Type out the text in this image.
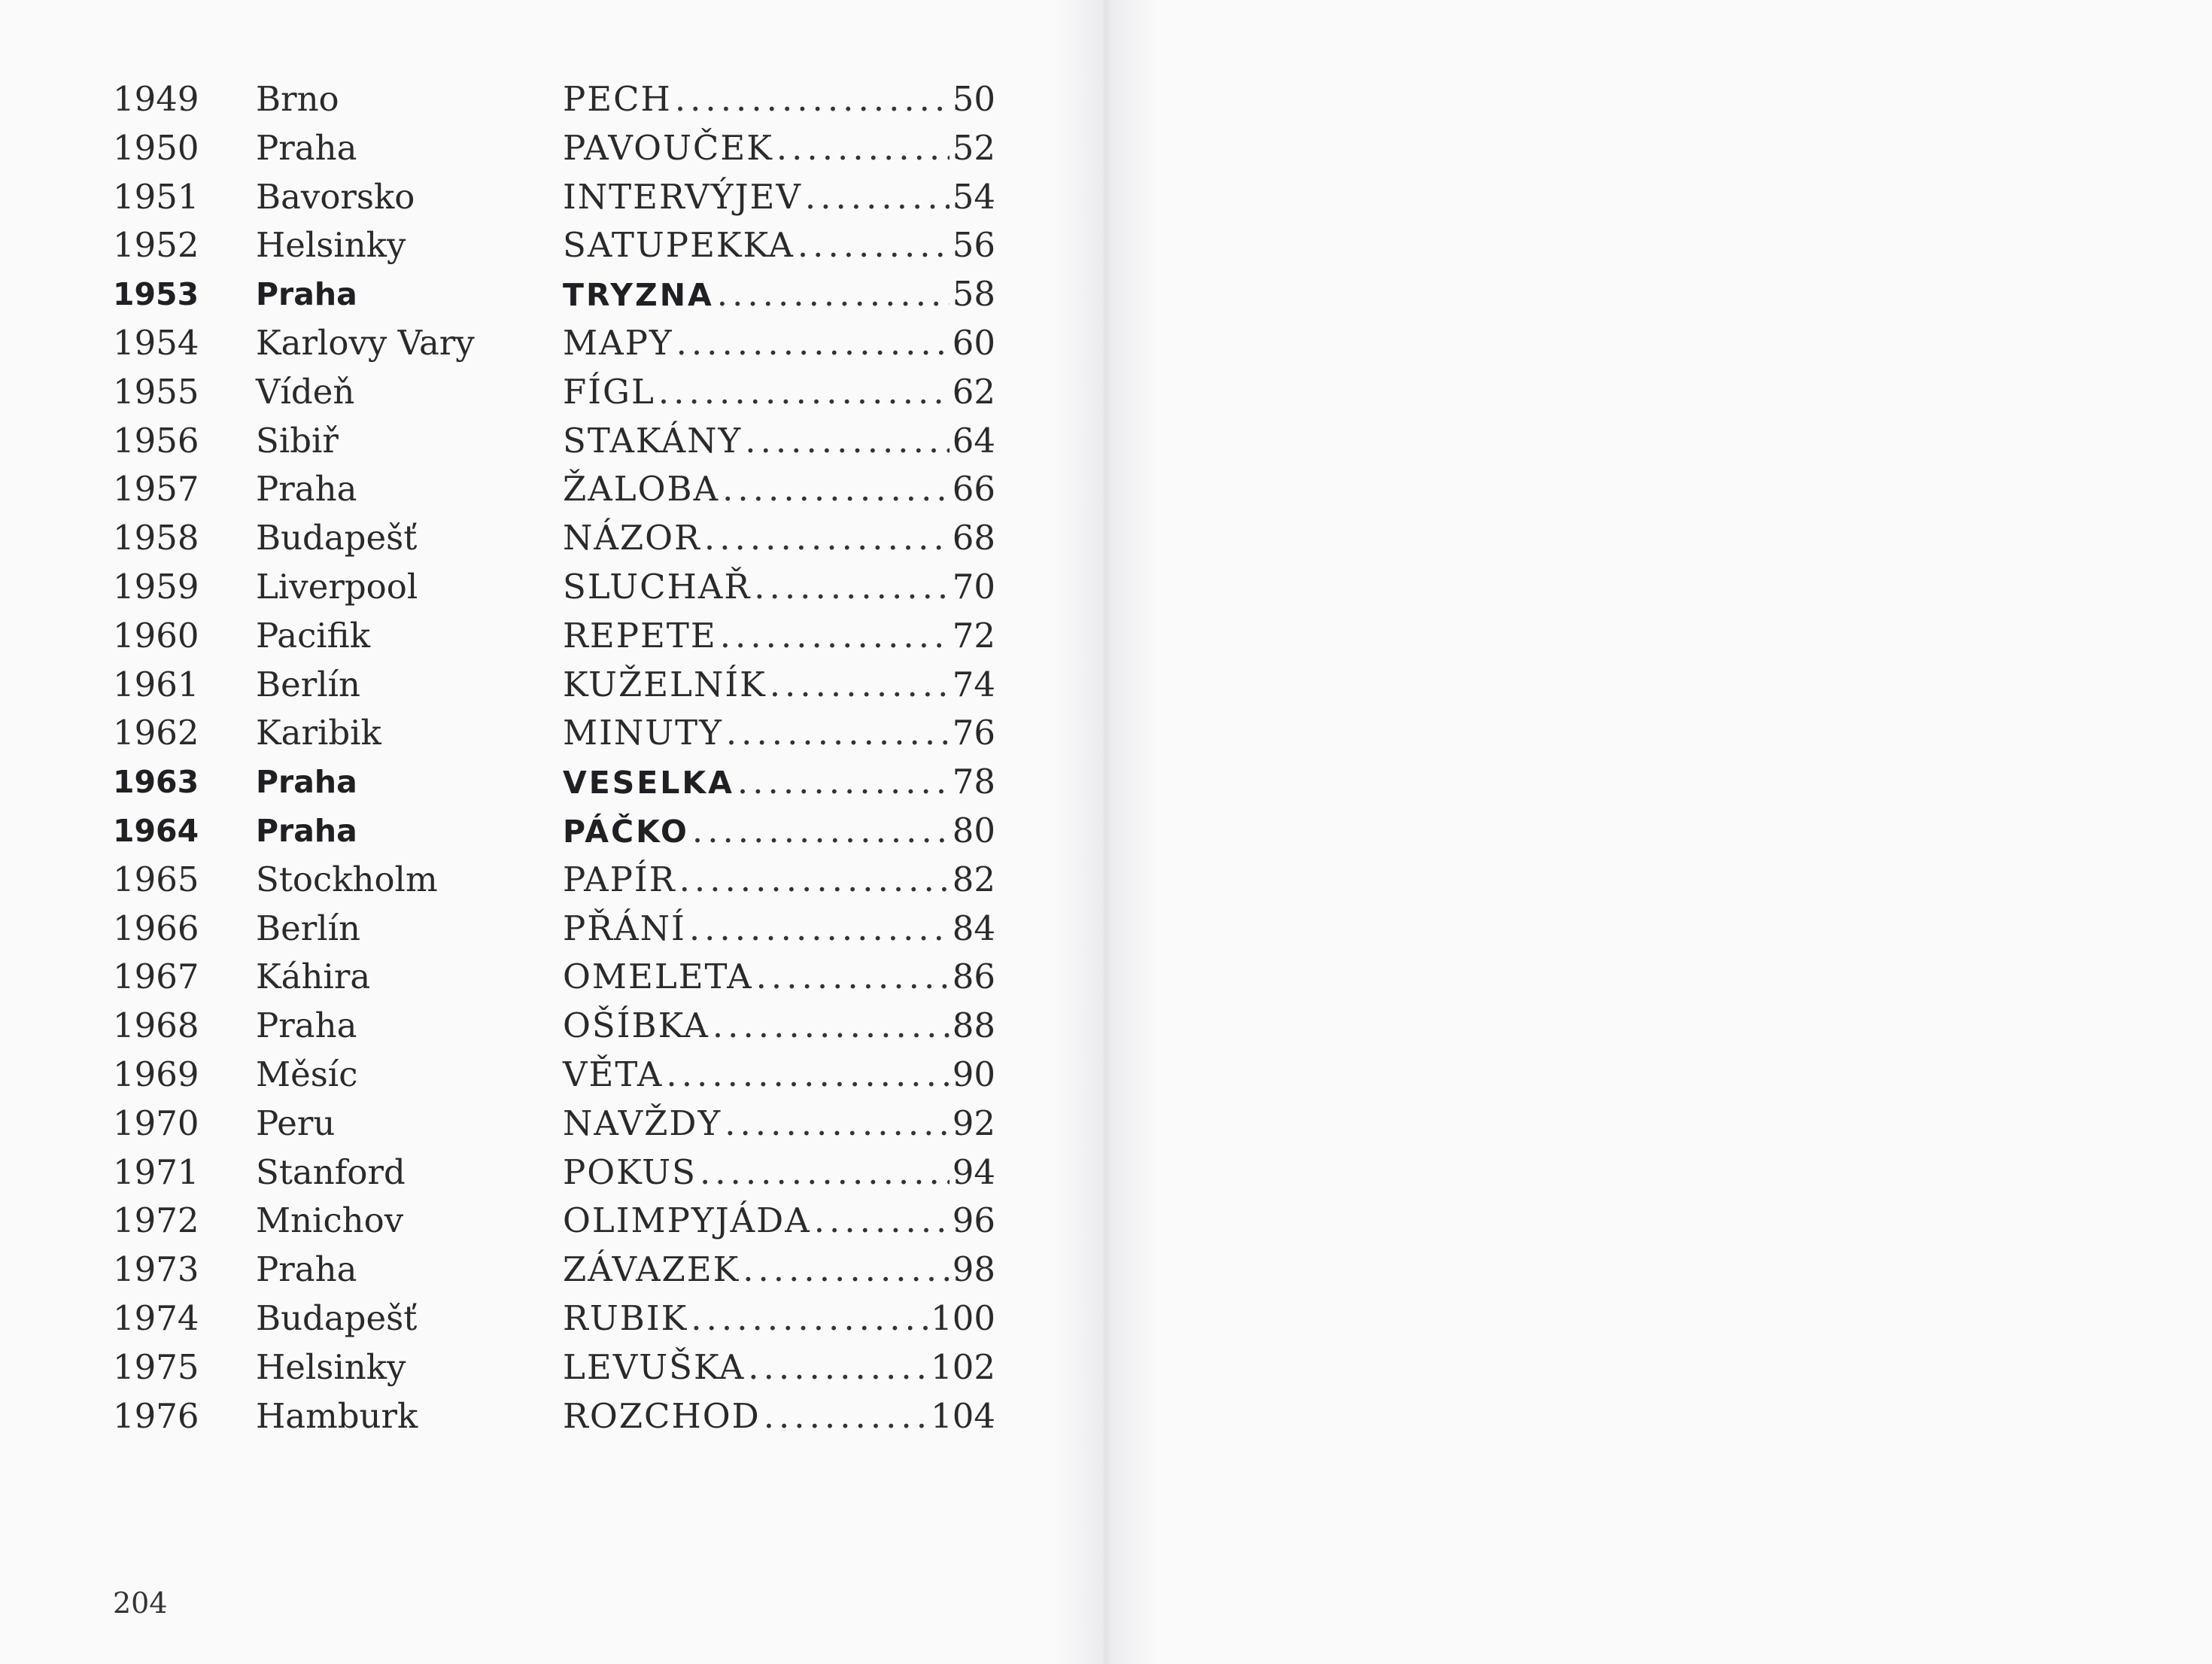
1949 Brno	PECH .....	50
1950 Praha	PAVOUČEK .....	52
1951 Bavorsko	INTERVÝJEV .....	54
1952 Helsinky	SATUPEKKA .....	56
1953 Praha	TRYZNA .....	58
1954 Karlovy Vary	MAPY .....	60
1955 Vídeň	FÍGL .....	62
1956 Sibiř	STAKÁNY .....	64
1957 Praha	ŽALOBA .....	66
1958 Budapešť	NÁZOR .....	68
1959 Liverpool	SLUCHAŘ .....	70
1960 Pacifik	REPETE .....	72
1961 Berlín	KUŽELNÍK .....	74
1962 Karibik	MINUTY .....	76
1963 Praha	VESELKA .....	78
1964 Praha	PÁČKO .....	80
1965 Stockholm	PAPÍR .....	82
1966 Berlín	PŘÁNÍ .....	84
1967 Káhira	OMELETA .....	86
1968 Praha	OŠÍBKA .....	88
1969 Měsíc	VĚTA .....	90
1970 Peru	NAVŽDY .....	92
1971 Stanford	POKUS .....	94
1972 Mnichov	OLIMPYJÁDA .....	96
1973 Praha	ZÁVAZEK .....	98
1974 Budapešť	RUBIK .....	100
1975 Helsinky	LEVUŠKA .....	102
1976 Hamburk	ROZCHOD .....	104
204
